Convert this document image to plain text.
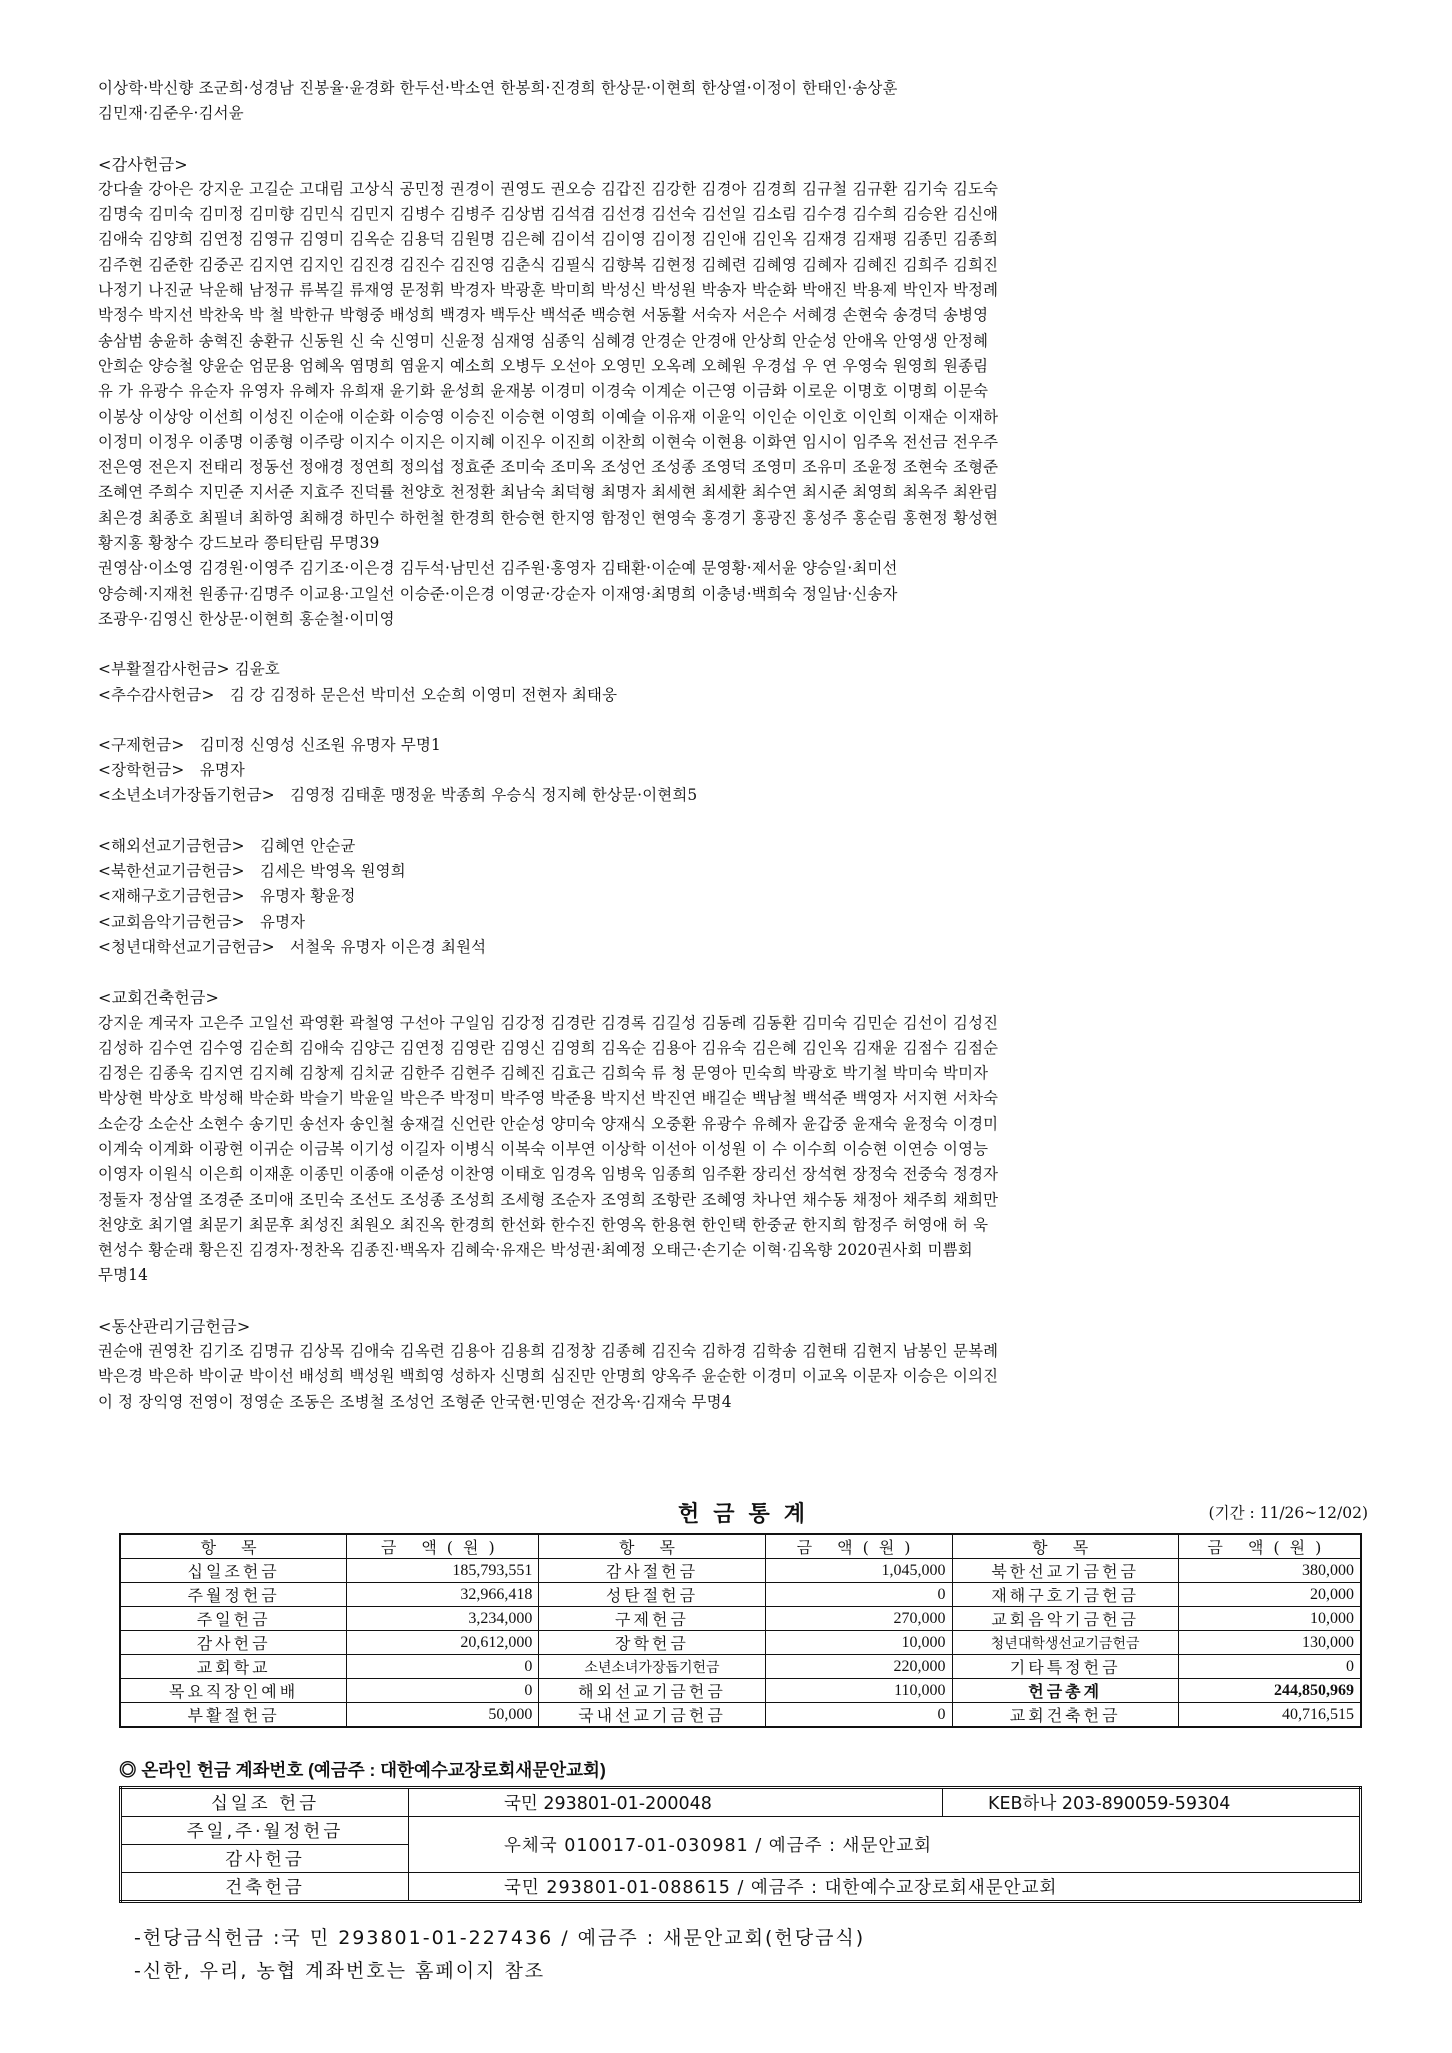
이상학·박신향 조군희·성경남 진봉율·윤경화 한두선·박소연 한봉희·진경희 한상문·이현희 한상열·이정이 한태인·송상훈

김민재·김준우·김서윤

<감사헌금>

강다솔 강아은 강지운 고길순 고대림 고상식 공민정 권경이 권영도 권오승 김갑진 김강한 김경아 김경희 김규철 김규환 김기숙 김도숙

김명숙 김미숙 김미정 김미향 김민식 김민지 김병수 김병주 김상범 김석겸 김선경 김선숙 김선일 김소림 김수경 김수희 김승완 김신애

김애숙 김양희 김연정 김영규 김영미 김옥순 김용덕 김원명 김은혜 김이석 김이영 김이정 김인애 김인옥 김재경 김재평 김종민 김종희

김주현 김준한 김중곤 김지연 김지인 김진경 김진수 김진영 김춘식 김필식 김향복 김현정 김혜련 김혜영 김혜자 김혜진 김희주 김희진

나정기 나진균 낙운해 남정규 류복길 류재영 문정휘 박경자 박광훈 박미희 박성신 박성원 박송자 박순화 박애진 박용제 박인자 박정례

박정수 박지선 박찬욱 박 철 박한규 박형중 배성희 백경자 백두산 백석준 백승현 서동활 서숙자 서은수 서혜경 손현숙 송경덕 송병영

송삼범 송윤하 송혁진 송환규 신동원 신 숙 신영미 신윤정 심재영 심종익 심혜경 안경순 안경애 안상희 안순성 안애옥 안영생 안정혜

안희순 양승철 양윤순 엄문용 엄혜옥 염명희 염윤지 예소희 오병두 오선아 오영민 오옥례 오혜원 우경섭 우 연 우영숙 원영희 원종림

유 가 유광수 유순자 유영자 유혜자 유희재 윤기화 윤성희 윤재봉 이경미 이경숙 이계순 이근영 이금화 이로운 이명호 이명희 이문숙

이봉상 이상앙 이선희 이성진 이순애 이순화 이승영 이승진 이승현 이영희 이예슬 이유재 이윤익 이인순 이인호 이인희 이재순 이재하

이정미 이정우 이종명 이종형 이주랑 이지수 이지은 이지혜 이진우 이진희 이찬희 이현숙 이현용 이화연 임시이 임주옥 전선금 전우주

전은영 전은지 전태리 정동선 정애경 정연희 정의섭 정효준 조미숙 조미옥 조성언 조성종 조영덕 조영미 조유미 조윤정 조현숙 조형준

조혜연 주희수 지민준 지서준 지효주 진덕률 천양호 천정환 최남숙 최덕형 최명자 최세현 최세환 최수연 최시준 최영희 최옥주 최완림

최은경 최종호 최필녀 최하영 최해경 하민수 하헌철 한경희 한승현 한지영 함정인 현영숙 홍경기 홍광진 홍성주 홍순림 홍현정 황성현

황지홍 황창수 강드보라 쯩티탄림 무명39

권영삼·이소영 김경원·이영주 김기조·이은경 김두석·남민선 김주원·홍영자 김태환·이순예 문영황·제서윤 양승일·최미선

양승혜·지재천 원종규·김명주 이교용·고일선 이승준·이은경 이영균·강순자 이재영·최명희 이충녕·백희숙 정일남·신송자

조광우·김영신 한상문·이현희 홍순철·이미영

<부활절감사헌금> 김윤호

<추수감사헌금> 김 강 김정하 문은선 박미선 오순희 이영미 전현자 최태웅

<구제헌금> 김미정 신영성 신조원 유명자 무명1

<장학헌금> 유명자

<소년소녀가장돕기헌금> 김영정 김태훈 맹정윤 박종희 우승식 정지혜 한상문·이현희5

<해외선교기금헌금> 김혜연 안순균

<북한선교기금헌금> 김세은 박영옥 원영희

<재해구호기금헌금> 유명자 황윤정

<교회음악기금헌금> 유명자

<청년대학선교기금헌금> 서철욱 유명자 이은경 최원석

<교회건축헌금>

강지운 계국자 고은주 고일선 곽영환 곽철영 구선아 구일임 김강정 김경란 김경록 김길성 김동례 김동환 김미숙 김민순 김선이 김성진

김성하 김수연 김수영 김순희 김애숙 김양근 김연정 김영란 김영신 김영희 김옥순 김용아 김유숙 김은혜 김인옥 김재윤 김점수 김점순

김정은 김종욱 김지연 김지혜 김창제 김치균 김한주 김현주 김혜진 김효근 김희숙 류 청 문영아 민숙희 박광호 박기철 박미숙 박미자

박상현 박상호 박성해 박순화 박슬기 박윤일 박은주 박정미 박주영 박준용 박지선 박진연 배길순 백남철 백석준 백영자 서지현 서차숙

소순강 소순산 소현수 송기민 송선자 송인철 송재걸 신언란 안순성 양미숙 양재식 오중환 유광수 유혜자 윤갑중 윤재숙 윤정숙 이경미

이계숙 이계화 이광현 이귀순 이금복 이기성 이길자 이병식 이복숙 이부연 이상학 이선아 이성원 이 수 이수희 이승현 이연승 이영능

이영자 이원식 이은희 이재훈 이종민 이종애 이준성 이찬영 이태호 임경옥 임병욱 임종희 임주환 장리선 장석현 장정숙 전중숙 정경자

정둘자 정삼열 조경준 조미애 조민숙 조선도 조성종 조성희 조세형 조순자 조영희 조항란 조혜영 차나연 채수동 채정아 채주희 채희만

천양호 최기열 최문기 최문후 최성진 최원오 최진옥 한경희 한선화 한수진 한영옥 한용현 한인택 한중균 한지희 함정주 허영애 허 욱

현성수 황순래 황은진 김경자·정찬옥 김종진·백옥자 김혜숙·유재은 박성권·최예정 오태근·손기순 이혁·김옥향 2020권사회 미쁨회

무명14

<동산관리기금헌금>

권순애 권영찬 김기조 김명규 김상목 김애숙 김옥련 김용아 김용희 김정창 김종혜 김진숙 김하경 김학송 김현태 김현지 남봉인 문복례

박은경 박은하 박이균 박이선 배성희 백성원 백희영 성하자 신명희 심진만 안명희 양옥주 윤순한 이경미 이교옥 이문자 이승은 이의진

이 정 장익영 전영이 정영순 조동은 조병철 조성언 조형준 안국현·민영순 전강옥·김재숙 무명4

헌금통계	(기간 : 11/26~12/02)
항 목	금 액(원)	항 목	금 액(원)	항 목	금 액(원)
십일조헌금	185,793,551	감사절헌금	1,045,000	북한선교기금헌금	380,000
주월정헌금	32,966,418	성탄절헌금	0	재해구호기금헌금	20,000
주일헌금	3,234,000	구제헌금	270,000	교회음악기금헌금	10,000
감사헌금	20,612,000	장학헌금	10,000	청년대학생선교기금헌금	130,000
교회학교	0	소년소녀가장돕기헌금	220,000	기타특정헌금	0
목요직장인예배	0	해외선교기금헌금	110,000	헌금총계	244,850,969
부활절헌금	50,000	국내선교기금헌금	0	교회건축헌금	40,716,515
◎ 온라인 헌금 계좌번호 (예금주 : 대한예수교장로회새문안교회)
십일조 헌금	국민 293801-01-200048	KEB하나 203-890059-59304
주일,주·월정헌금	우체국 010017-01-030981 / 예금주 : 새문안교회	
감사헌금		
건축헌금	국민 293801-01-088615 / 예금주 : 대한예수교장로회새문안교회	
-헌당금식헌금 :국 민 293801-01-227436 / 예금주 : 새문안교회(헌당금식)
-신한, 우리, 농협 계좌번호는 홈페이지 참조
